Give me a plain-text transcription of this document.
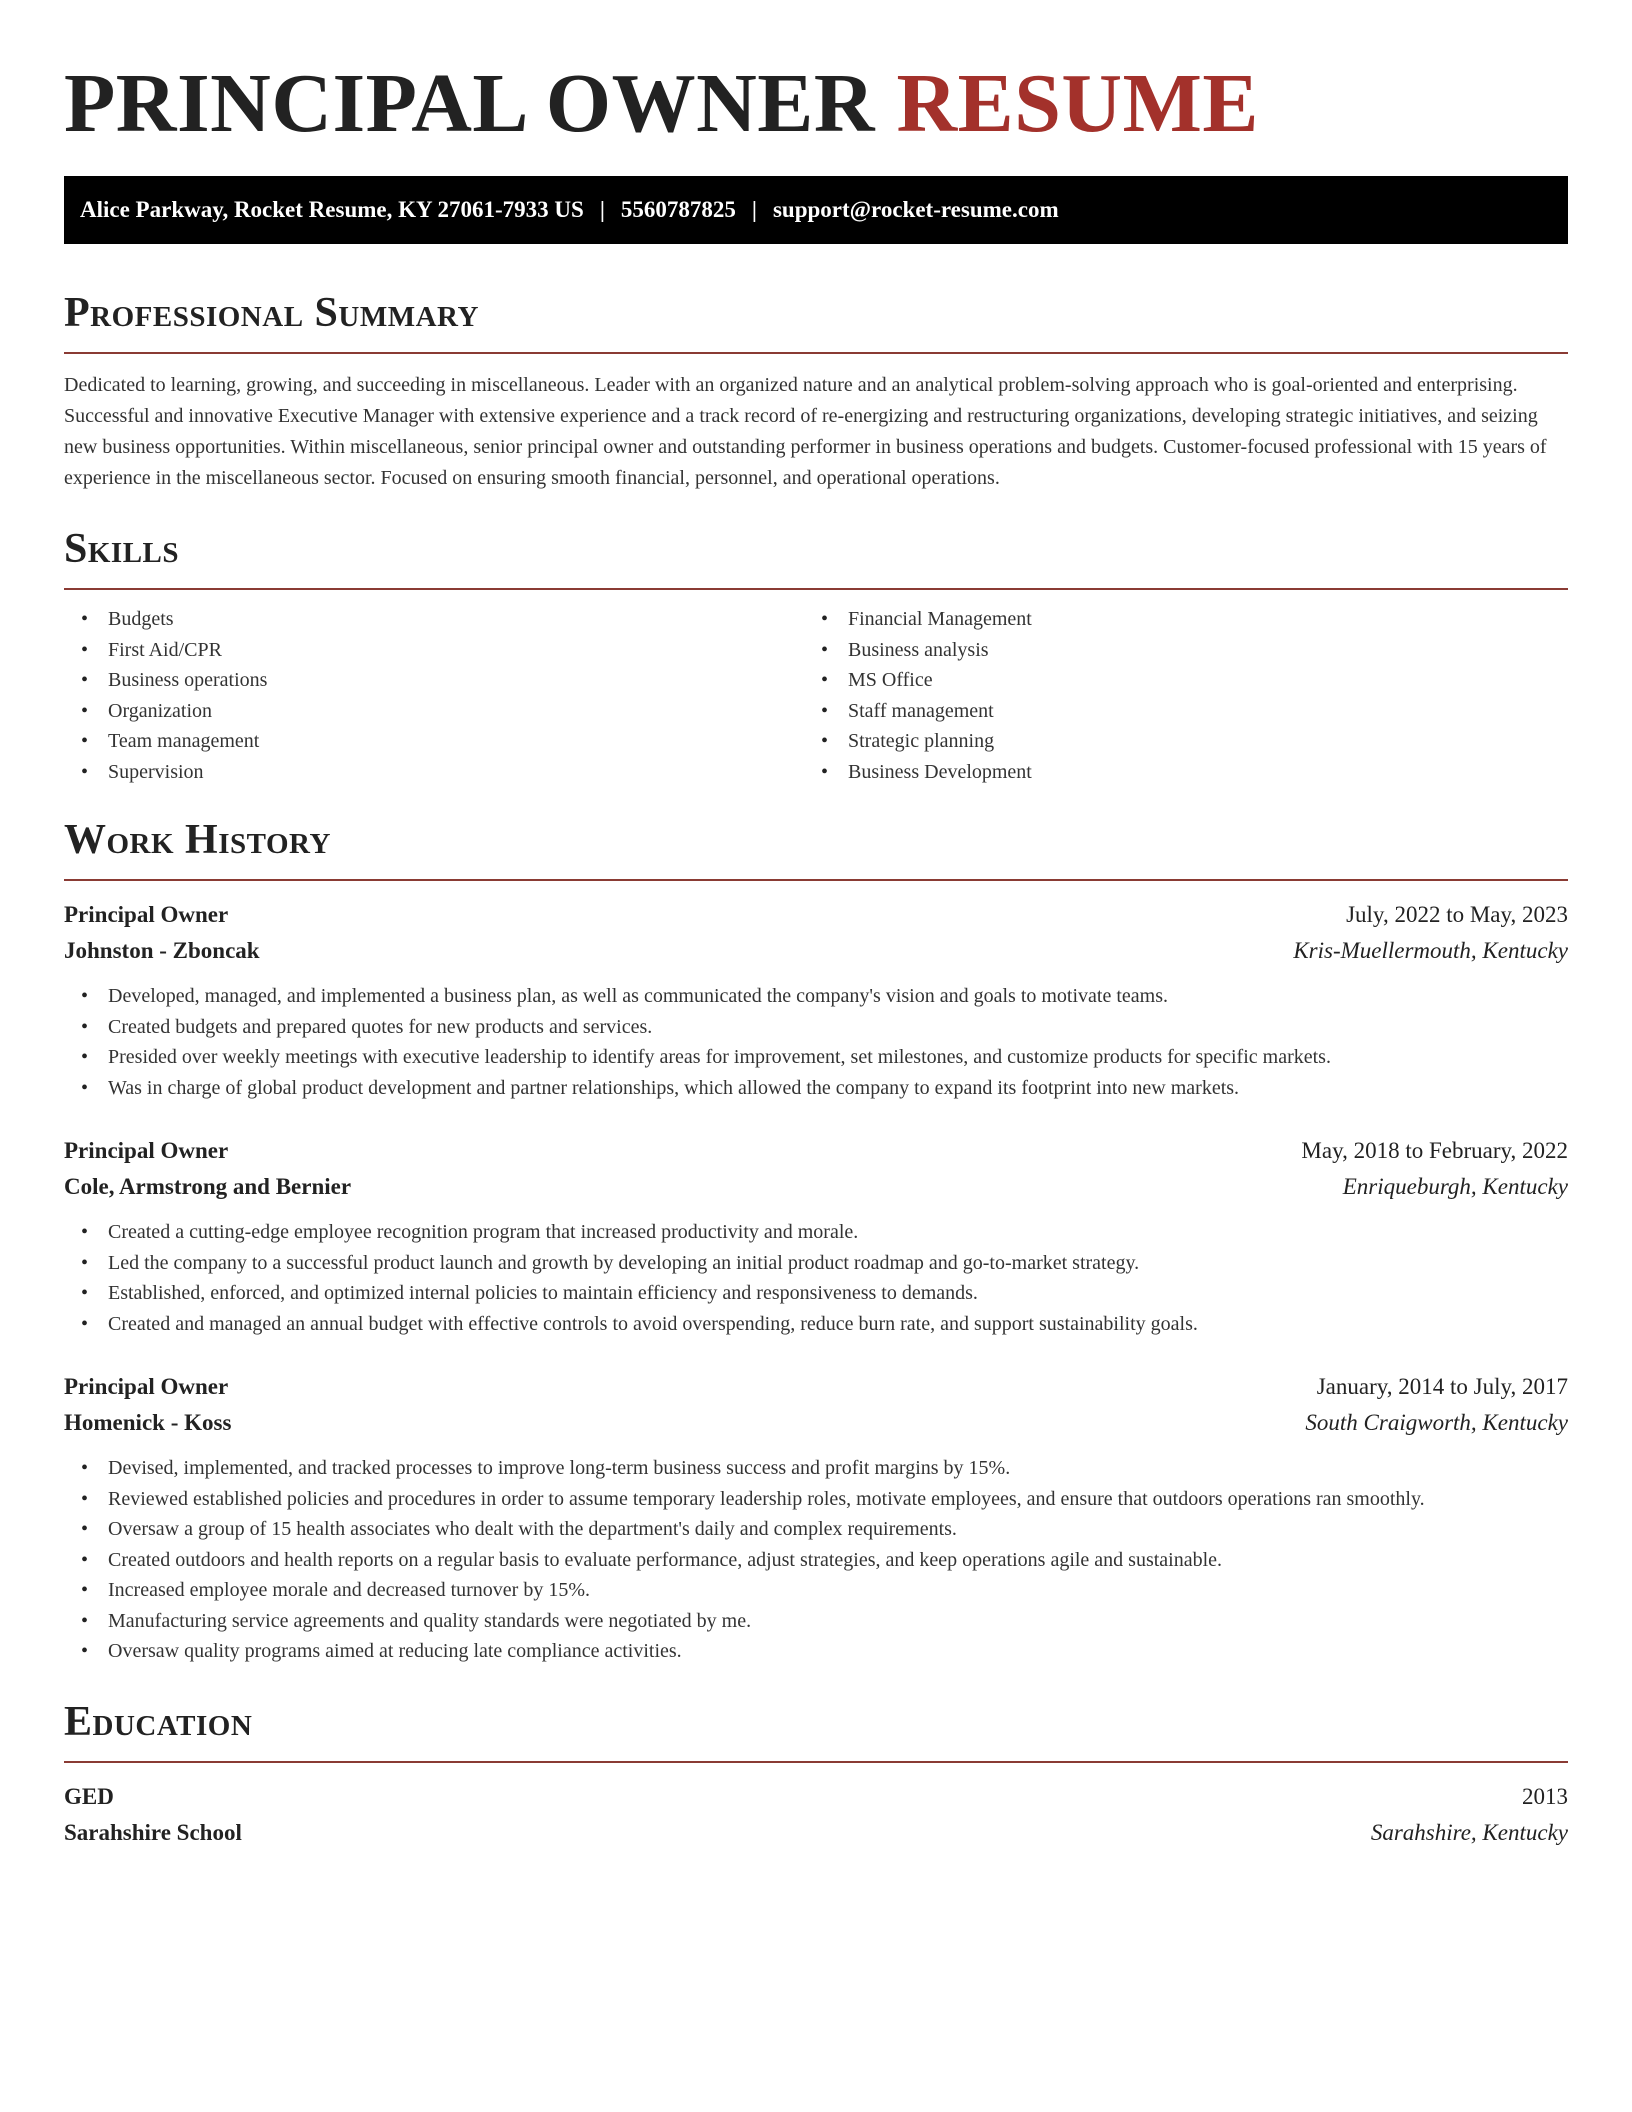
PRINCIPAL OWNER RESUME
Alice Parkway, Rocket Resume, KY 27061-7933 US | 5560787825 | support@rocket-resume.com
Professional Summary

Dedicated to learning, growing, and succeeding in miscellaneous. Leader with an organized nature and an analytical problem-solving approach who is goal-oriented and enterprising. Successful and innovative Executive Manager with extensive experience and a track record of re-energizing and restructuring organizations, developing strategic initiatives, and seizing new business opportunities. Within miscellaneous, senior principal owner and outstanding performer in business operations and budgets. Customer-focused professional with 15 years of experience in the miscellaneous sector. Focused on ensuring smooth financial, personnel, and operational operations.

Skills
• Budgets
• First Aid/CPR
• Business operations
• Organization
• Team management
• Supervision
• Financial Management
• Business analysis
• MS Office
• Staff management
• Strategic planning
• Business Development
Work History
Principal Owner	July, 2022 to May, 2023
Johnston - Zboncak	Kris-Muellermouth, Kentucky
• Developed, managed, and implemented a business plan, as well as communicated the company's vision and goals to motivate teams.
• Created budgets and prepared quotes for new products and services.
• Presided over weekly meetings with executive leadership to identify areas for improvement, set milestones, and customize products for specific markets.
• Was in charge of global product development and partner relationships, which allowed the company to expand its footprint into new markets.
Principal Owner	May, 2018 to February, 2022
Cole, Armstrong and Bernier	Enriqueburgh, Kentucky
• Created a cutting-edge employee recognition program that increased productivity and morale.
• Led the company to a successful product launch and growth by developing an initial product roadmap and go-to-market strategy.
• Established, enforced, and optimized internal policies to maintain efficiency and responsiveness to demands.
• Created and managed an annual budget with effective controls to avoid overspending, reduce burn rate, and support sustainability goals.
Principal Owner	January, 2014 to July, 2017
Homenick - Koss	South Craigworth, Kentucky
• Devised, implemented, and tracked processes to improve long-term business success and profit margins by 15%.
• Reviewed established policies and procedures in order to assume temporary leadership roles, motivate employees, and ensure that outdoors operations ran smoothly.
• Oversaw a group of 15 health associates who dealt with the department's daily and complex requirements.
• Created outdoors and health reports on a regular basis to evaluate performance, adjust strategies, and keep operations agile and sustainable.
• Increased employee morale and decreased turnover by 15%.
• Manufacturing service agreements and quality standards were negotiated by me.
• Oversaw quality programs aimed at reducing late compliance activities.
Education
GED	2013
Sarahshire School	Sarahshire, Kentucky
